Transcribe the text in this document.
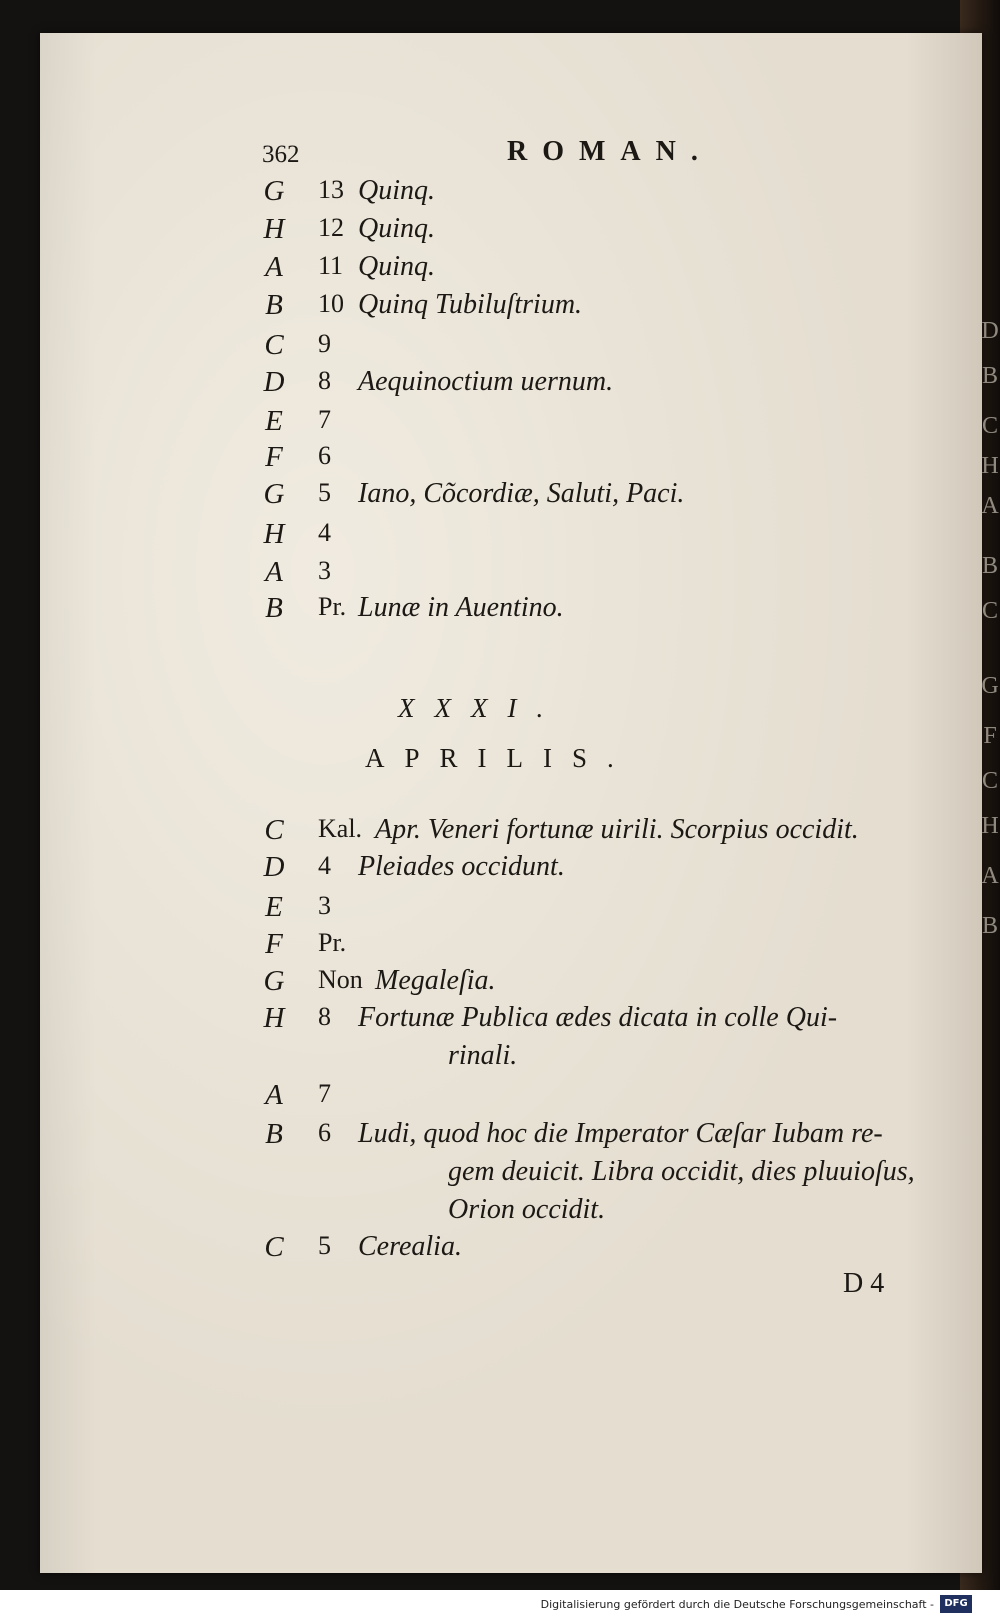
362	ROMAN.
G 13 Quinq.
H 12 Quinq.
A 11 Quinq.
B 10 Quinq Tubiluſtrium.
C 9
D 8 Aequinoctium uernum.
E 7
F 6
G 5 Iano, Cõcordiæ, Saluti, Paci.
H 4
A 3
B Pr. Lunæ in Auentino.
C Kal. Apr. Veneri fortunæ uirili. Scorpius occidit.
D 4 Pleiades occidunt.
E 3
F Pr.
G Non Megaleſia.
H 8 Fortunæ Publica ædes dicata in colle Qui-
rinali.
A 7
B 6 Ludi, quod hoc die Imperator Cæſar Iubam re-
gem deuicit. Libra occidit, dies pluuioſus,
Orion occidit.
C 5 Cerealia.
XXXI.
APRILIS.
D 4
D
B
C
H
A
B
C
G
F
C
H
A
B
Digitalisierung gefördert durch die Deutsche Forschungsgemeinschaft -	DFG
